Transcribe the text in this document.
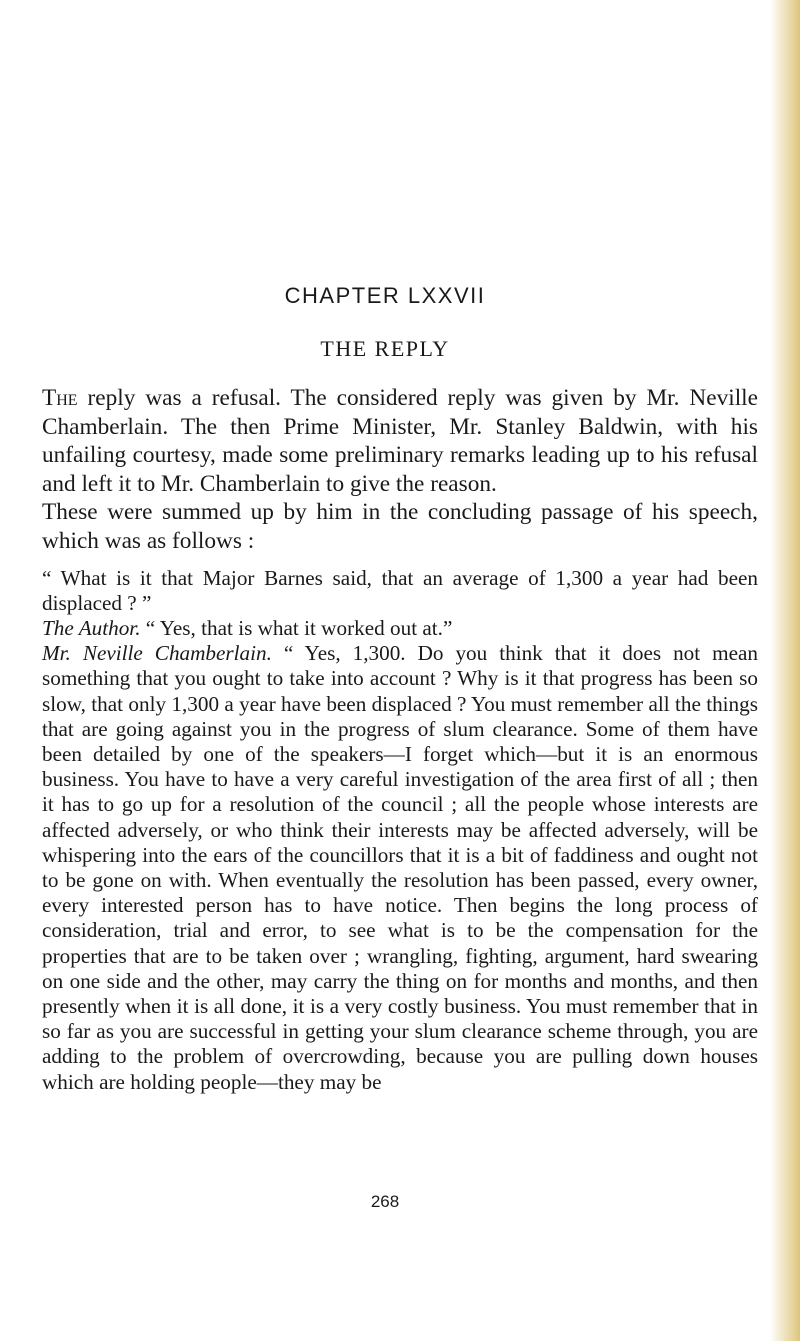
CHAPTER LXXVII
THE REPLY

The reply was a refusal. The considered reply was given by Mr. Neville Chamberlain. The then Prime Minister, Mr. Stanley Baldwin, with his unfailing courtesy, made some preliminary remarks leading up to his refusal and left it to Mr. Chamberlain to give the reason.

These were summed up by him in the concluding passage of his speech, which was as follows :

“ What is it that Major Barnes said, that an average of 1,300 a year had been displaced ? ”

The Author. “ Yes, that is what it worked out at.”

Mr. Neville Chamberlain. “ Yes, 1,300. Do you think that it does not mean something that you ought to take into account ? Why is it that progress has been so slow, that only 1,300 a year have been displaced ? You must remember all the things that are going against you in the progress of slum clearance. Some of them have been detailed by one of the speakers—I forget which—but it is an enormous business. You have to have a very careful investigation of the area first of all ; then it has to go up for a resolution of the council ; all the people whose interests are affected adversely, or who think their interests may be affected adversely, will be whispering into the ears of the councillors that it is a bit of faddiness and ought not to be gone on with. When eventually the resolution has been passed, every owner, every interested person has to have notice. Then begins the long process of consideration, trial and error, to see what is to be the compensation for the properties that are to be taken over ; wrangling, fighting, argument, hard swearing on one side and the other, may carry the thing on for months and months, and then presently when it is all done, it is a very costly business. You must remember that in so far as you are successful in getting your slum clearance scheme through, you are adding to the problem of overcrowding, because you are pulling down houses which are holding people—they may be

268
